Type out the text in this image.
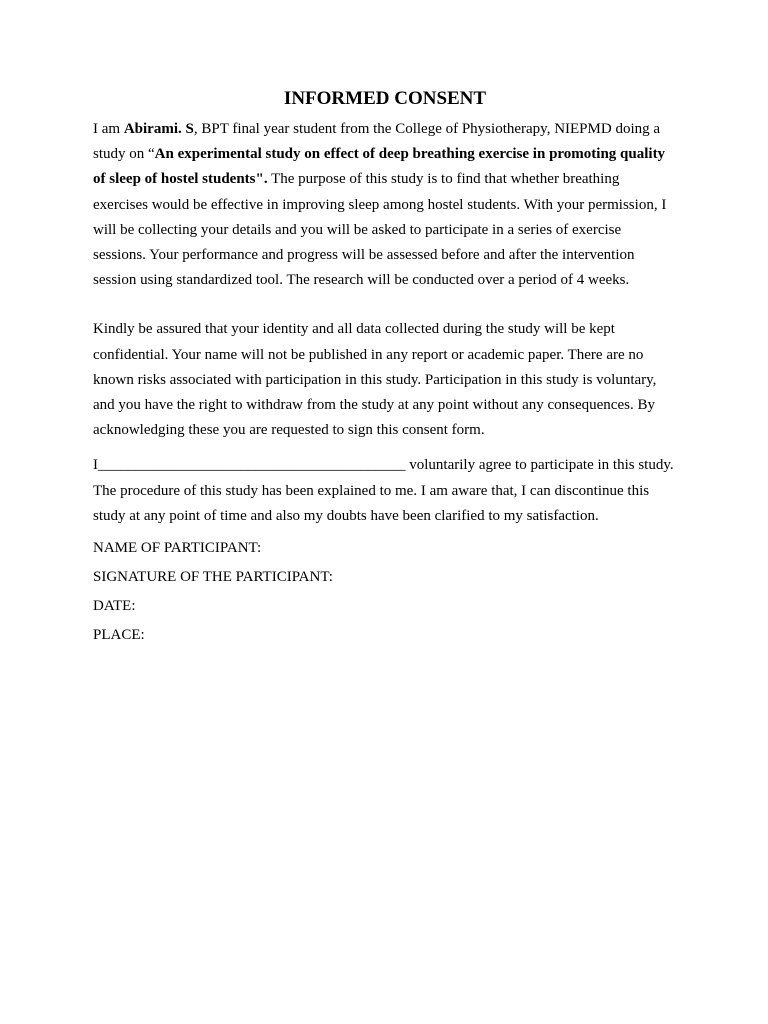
INFORMED CONSENT

I am Abirami. S, BPT final year student from the College of Physiotherapy, NIEPMD doing a study on “An experimental study on effect of deep breathing exercise in promoting quality of sleep of hostel students". The purpose of this study is to find that whether breathing exercises would be effective in improving sleep among hostel students. With your permission, I will be collecting your details and you will be asked to participate in a series of exercise sessions. Your performance and progress will be assessed before and after the intervention session using standardized tool. The research will be conducted over a period of 4 weeks.

Kindly be assured that your identity and all data collected during the study will be kept confidential. Your name will not be published in any report or academic paper. There are no known risks associated with participation in this study. Participation in this study is voluntary, and you have the right to withdraw from the study at any point without any consequences. By acknowledging these you are requested to sign this consent form.

I_________________________________________ voluntarily agree to participate in this study. The procedure of this study has been explained to me. I am aware that, I can discontinue this study at any point of time and also my doubts have been clarified to my satisfaction.

NAME OF PARTICIPANT:
SIGNATURE OF THE PARTICIPANT:
DATE:
PLACE:
